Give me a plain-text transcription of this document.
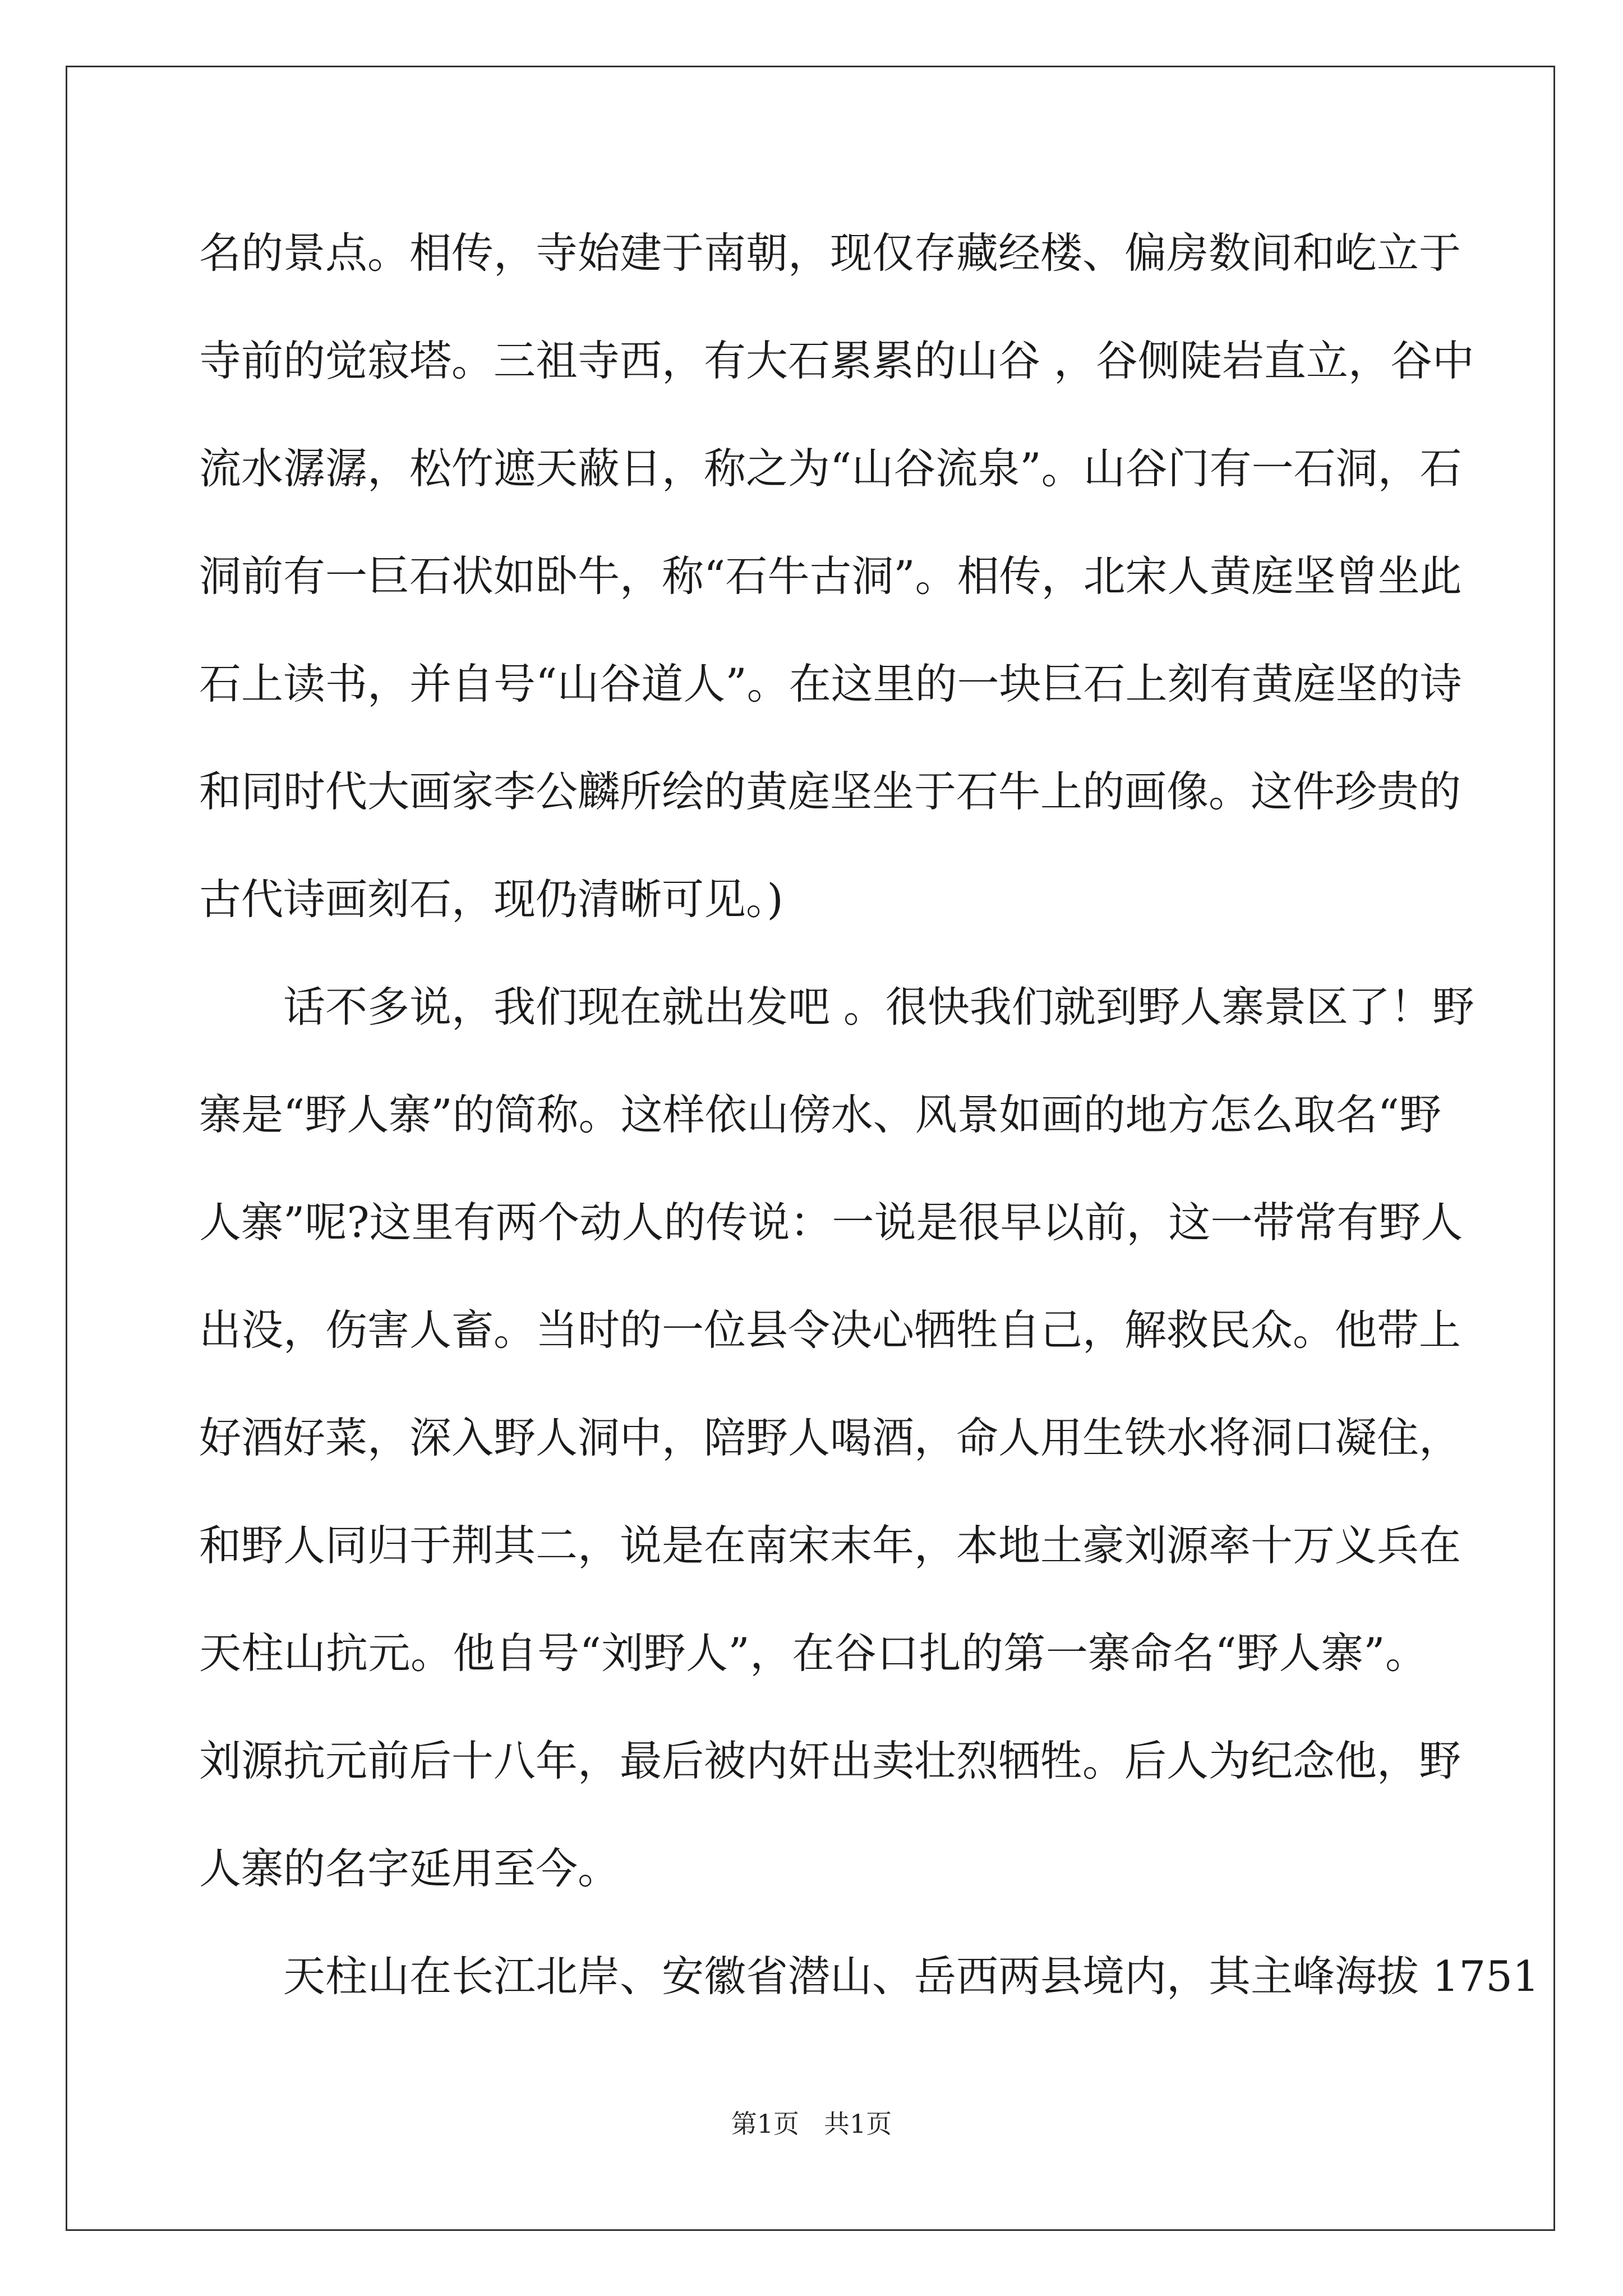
名的景点。相传，寺始建于南朝，现仅存藏经楼、偏房数间和屹立于
寺前的觉寂塔。三祖寺西，有大石累累的山谷 ，谷侧陡岩直立，谷中
流水潺潺，松竹遮天蔽日，称之为“山谷流泉”。山谷门有一石洞，石
洞前有一巨石状如卧牛，称“石牛古洞”。相传，北宋人黄庭坚曾坐此
石上读书，并自号“山谷道人”。在这里的一块巨石上刻有黄庭坚的诗
和同时代大画家李公麟所绘的黄庭坚坐于石牛上的画像。这件珍贵的
古代诗画刻石，现仍清晰可见。)
话不多说，我们现在就出发吧 。很快我们就到野人寨景区了！野
寨是“野人寨”的简称。这样依山傍水、风景如画的地方怎么取名“野
人寨”呢?这里有两个动人的传说：一说是很早以前，这一带常有野人
出没，伤害人畜。当时的一位县令决心牺牲自己，解救民众。他带上
好酒好菜，深入野人洞中，陪野人喝酒，命人用生铁水将洞口凝住，
和野人同归于荆其二，说是在南宋末年，本地土豪刘源率十万义兵在
天柱山抗元。他自号“刘野人”，在谷口扎的第一寨命名“野人寨”。
刘源抗元前后十八年，最后被内奸出卖壮烈牺牲。后人为纪念他，野
人寨的名字延用至今。
天柱山在长江北岸、安徽省潜山、岳西两县境内，其主峰海拔 1751
第1页 共1页
